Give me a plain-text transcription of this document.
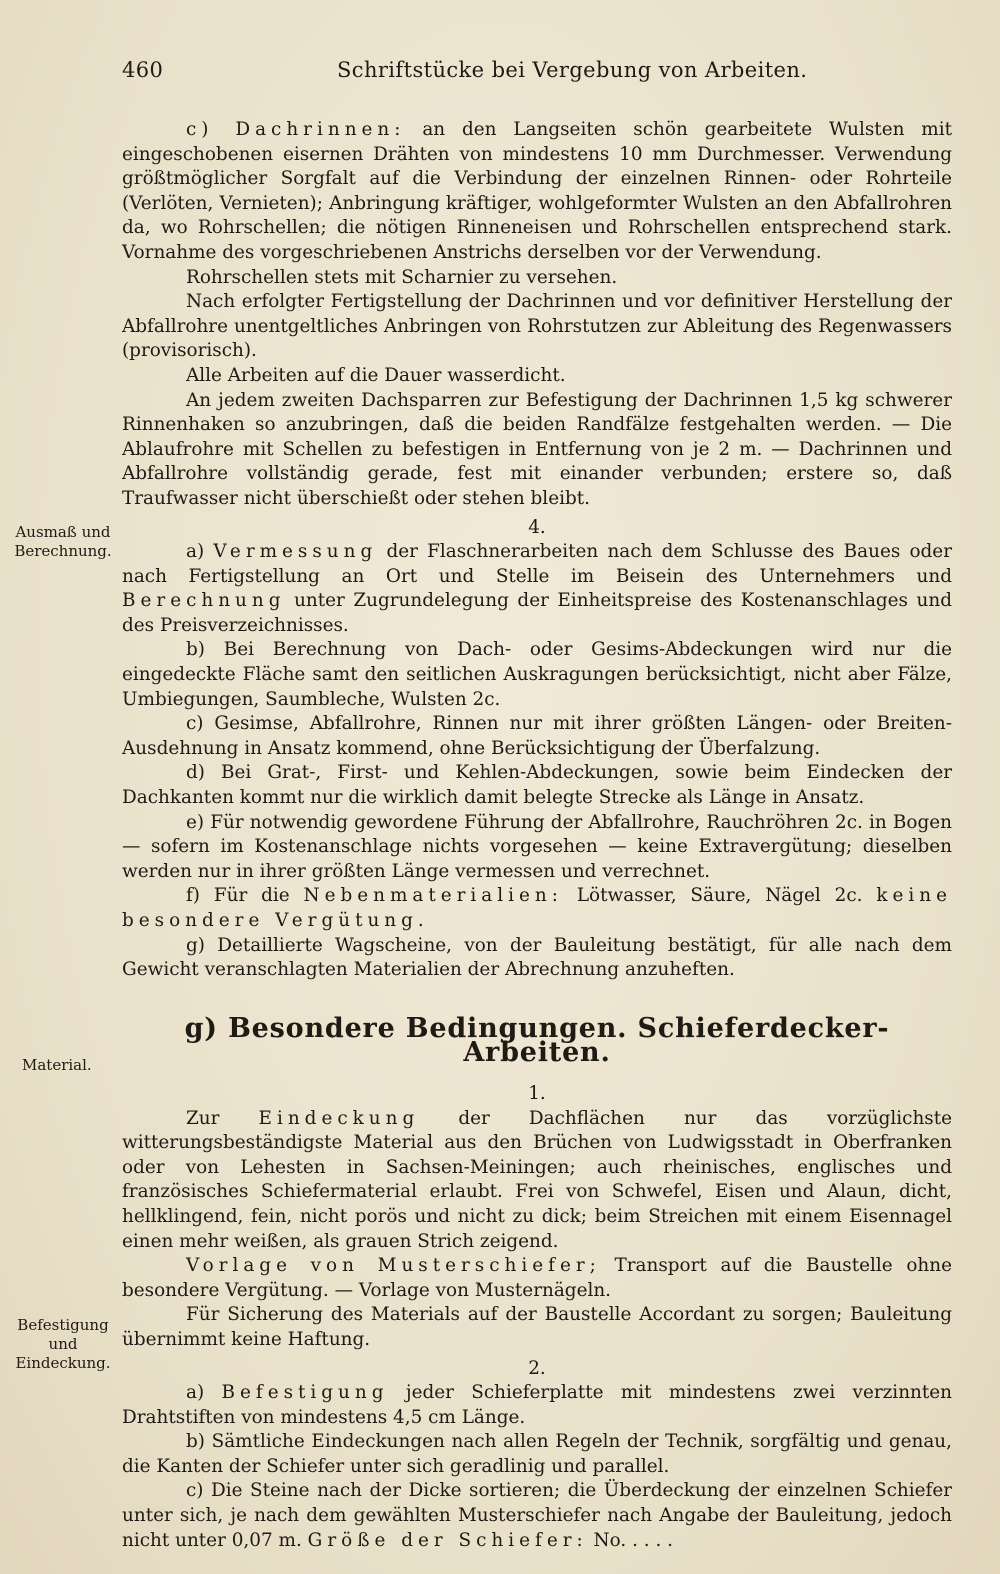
460	Schriftstücke bei Vergebung von Arbeiten.
Ausmaß und Berechnung.
Material.
Befestigung und Eindeckung.

c) Dachrinnen: an den Langseiten schön gearbeitete Wulsten mit eingeschobenen eisernen Drähten von mindestens 10 mm Durchmesser. Verwendung größtmöglicher Sorgfalt auf die Verbindung der einzelnen Rinnen- oder Rohrteile (Verlöten, Vernieten); Anbringung kräftiger, wohlgeformter Wulsten an den Abfallrohren da, wo Rohrschellen; die nötigen Rinneneisen und Rohrschellen entsprechend stark. Vornahme des vorgeschriebenen Anstrichs derselben vor der Verwendung.

Rohrschellen stets mit Scharnier zu versehen.

Nach erfolgter Fertigstellung der Dachrinnen und vor definitiver Herstellung der Abfallrohre unentgeltliches Anbringen von Rohrstutzen zur Ableitung des Regenwassers (provisorisch).

Alle Arbeiten auf die Dauer wasserdicht.

An jedem zweiten Dachsparren zur Befestigung der Dachrinnen 1,5 kg schwerer Rinnenhaken so anzubringen, daß die beiden Randfälze festgehalten werden. — Die Ablaufrohre mit Schellen zu befestigen in Entfernung von je 2 m. — Dachrinnen und Abfallrohre vollständig gerade, fest mit einander verbunden; erstere so, daß Traufwasser nicht überschießt oder stehen bleibt.

4.

a) Vermessung der Flaschnerarbeiten nach dem Schlusse des Baues oder nach Fertigstellung an Ort und Stelle im Beisein des Unternehmers und Berechnung unter Zugrundelegung der Einheitspreise des Kostenanschlages und des Preisverzeichnisses.

b) Bei Berechnung von Dach- oder Gesims-Abdeckungen wird nur die eingedeckte Fläche samt den seitlichen Auskragungen berücksichtigt, nicht aber Fälze, Umbiegungen, Saumbleche, Wulsten 2c.

c) Gesimse, Abfallrohre, Rinnen nur mit ihrer größten Längen- oder Breiten-Ausdehnung in Ansatz kommend, ohne Berücksichtigung der Überfalzung.

d) Bei Grat-, First- und Kehlen-Abdeckungen, sowie beim Eindecken der Dachkanten kommt nur die wirklich damit belegte Strecke als Länge in Ansatz.

e) Für notwendig gewordene Führung der Abfallrohre, Rauchröhren 2c. in Bogen — sofern im Kostenanschlage nichts vorgesehen — keine Extravergütung; dieselben werden nur in ihrer größten Länge vermessen und verrechnet.

f) Für die Nebenmaterialien: Lötwasser, Säure, Nägel 2c. keine besondere Vergütung.

g) Detaillierte Wagscheine, von der Bauleitung bestätigt, für alle nach dem Gewicht veranschlagten Materialien der Abrechnung anzuheften.

g) Besondere Bedingungen. Schieferdecker-Arbeiten.
1.

Zur Eindeckung der Dachflächen nur das vorzüglichste witterungsbeständigste Material aus den Brüchen von Ludwigsstadt in Oberfranken oder von Lehesten in Sachsen-Meiningen; auch rheinisches, englisches und französisches Schiefermaterial erlaubt. Frei von Schwefel, Eisen und Alaun, dicht, hellklingend, fein, nicht porös und nicht zu dick; beim Streichen mit einem Eisennagel einen mehr weißen, als grauen Strich zeigend.

Vorlage von Musterschiefer; Transport auf die Baustelle ohne besondere Vergütung. — Vorlage von Musternägeln.

Für Sicherung des Materials auf der Baustelle Accordant zu sorgen; Bauleitung übernimmt keine Haftung.

2.

a) Befestigung jeder Schieferplatte mit mindestens zwei verzinnten Drahtstiften von mindestens 4,5 cm Länge.

b) Sämtliche Eindeckungen nach allen Regeln der Technik, sorgfältig und genau, die Kanten der Schiefer unter sich geradlinig und parallel.

c) Die Steine nach der Dicke sortieren; die Überdeckung der einzelnen Schiefer unter sich, je nach dem gewählten Musterschiefer nach Angabe der Bauleitung, jedoch nicht unter 0,07 m. Größe der Schiefer: No. . . . .
